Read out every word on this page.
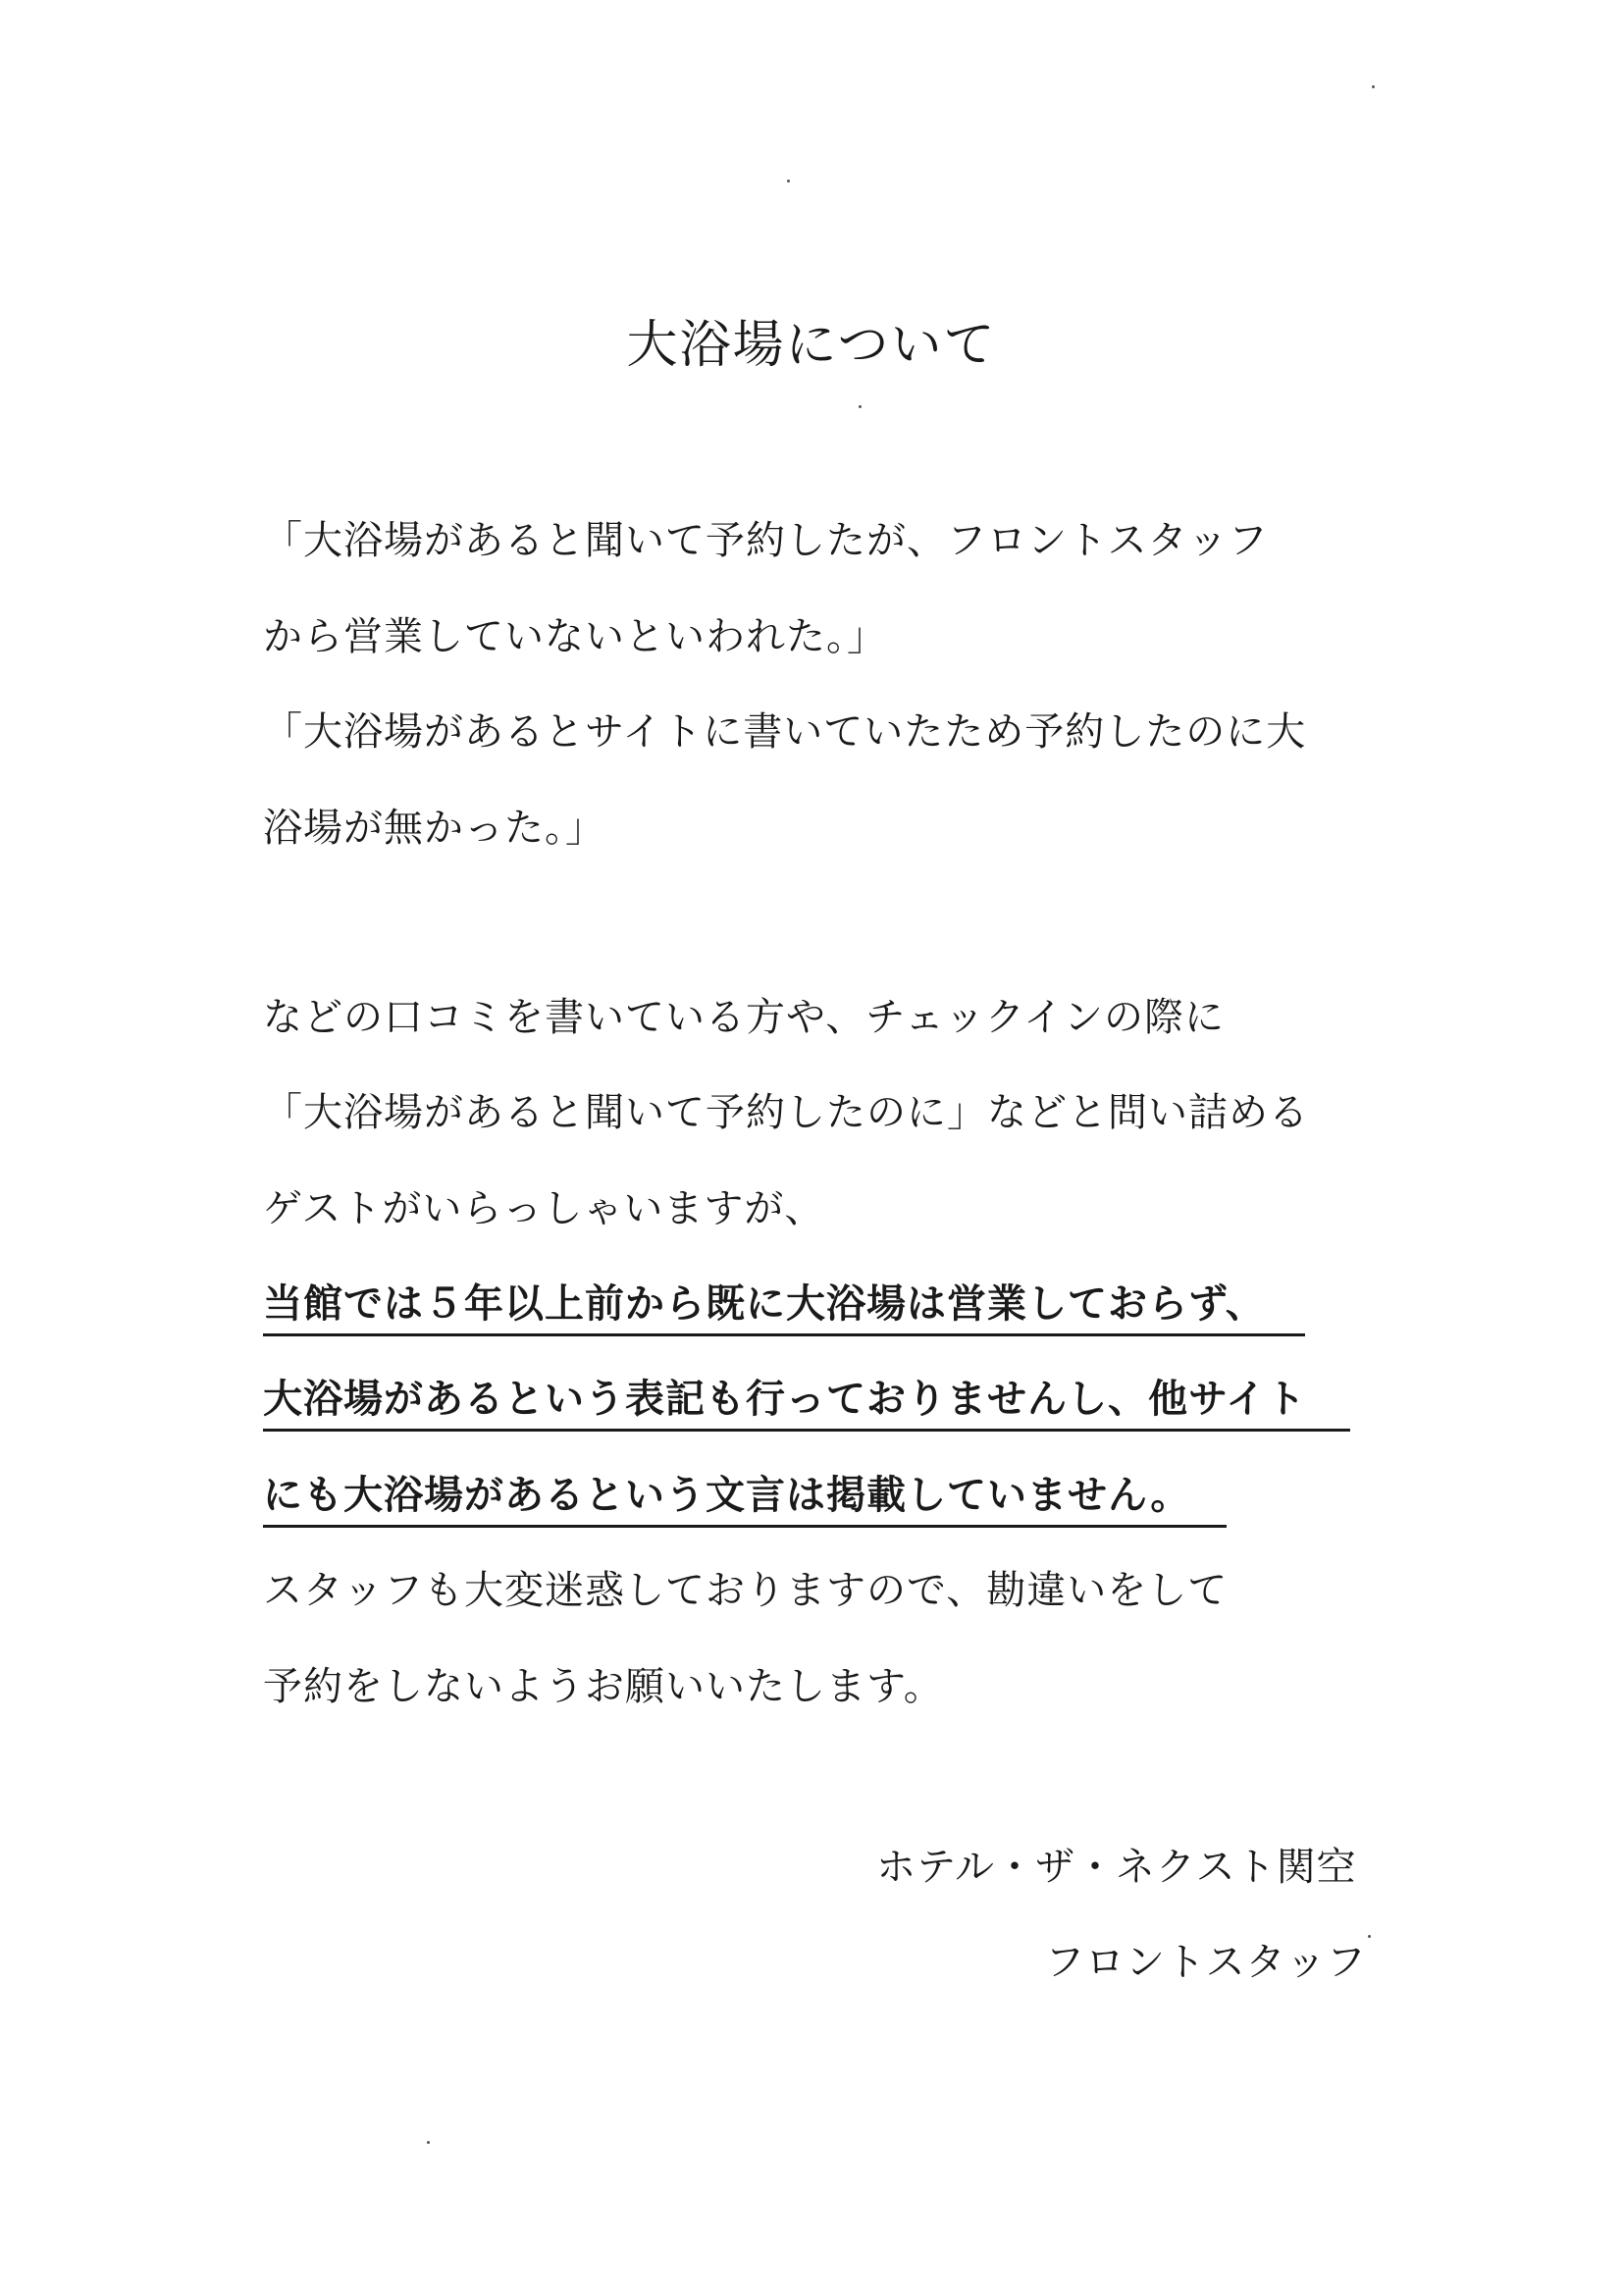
大浴場について
「大浴場があると聞いて予約したが、フロントスタッフ
から営業していないといわれた。」
「大浴場があるとサイトに書いていたため予約したのに大
浴場が無かった。」
などの口コミを書いている方や、チェックインの際に
「大浴場があると聞いて予約したのに」などと問い詰める
ゲストがいらっしゃいますが、
当館では５年以上前から既に大浴場は営業しておらず、
大浴場があるという表記も行っておりませんし、他サイト
にも大浴場があるという文言は掲載していません。
スタッフも大変迷惑しておりますので、勘違いをして
予約をしないようお願いいたします。
ホテル・ザ・ネクスト関空
フロントスタッフ
